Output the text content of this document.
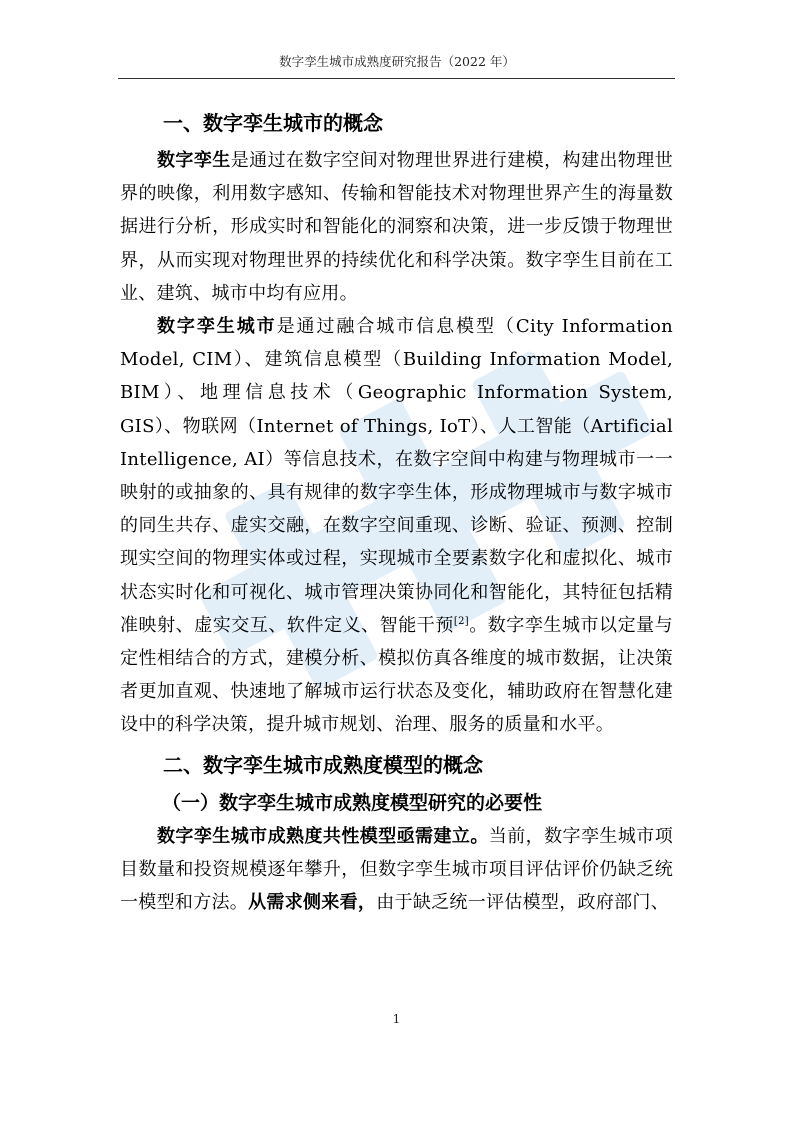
数字孪生城市成熟度研究报告（2022 年）
一、数字孪生城市的概念

数字孪生是通过在数字空间对物理世界进行建模，构建出物理世界的映像，利用数字感知、传输和智能技术对物理世界产生的海量数据进行分析，形成实时和智能化的洞察和决策，进一步反馈于物理世界，从而实现对物理世界的持续优化和科学决策。数字孪生目前在工业、建筑、城市中均有应用。

数字孪生城市是通过融合城市信息模型（City Information Model, CIM）、建筑信息模型（Building Information Model, BIM）、地理信息技术（Geographic Information System, GIS）、物联网（Internet of Things, IoT）、人工智能（Artificial Intelligence, AI）等信息技术，在数字空间中构建与物理城市一一映射的或抽象的、具有规律的数字孪生体，形成物理城市与数字城市的同生共存、虚实交融，在数字空间重现、诊断、验证、预测、控制现实空间的物理实体或过程，实现城市全要素数字化和虚拟化、城市状态实时化和可视化、城市管理决策协同化和智能化，其特征包括精准映射、虚实交互、软件定义、智能干预[2]。数字孪生城市以定量与定性相结合的方式，建模分析、模拟仿真各维度的城市数据，让决策者更加直观、快速地了解城市运行状态及变化，辅助政府在智慧化建设中的科学决策，提升城市规划、治理、服务的质量和水平。

二、数字孪生城市成熟度模型的概念
（一）数字孪生城市成熟度模型研究的必要性

数字孪生城市成熟度共性模型亟需建立。当前，数字孪生城市项目数量和投资规模逐年攀升，但数字孪生城市项目评估评价仍缺乏统一模型和方法。从需求侧来看，由于缺乏统一评估模型，政府部门、

1
